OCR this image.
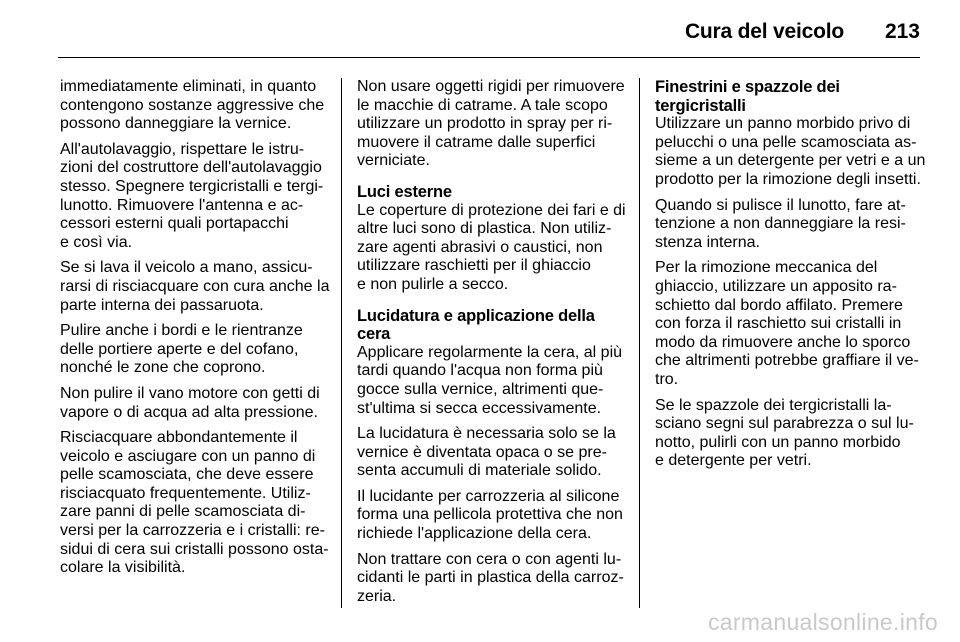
Cura del veicolo 213

immediatamente eliminati, in quanto
contengono sostanze aggressive che
possono danneggiare la vernice.

All'autolavaggio, rispettare le istru-
zioni del costruttore dell'autolavaggio
stesso. Spegnere tergicristalli e tergi-
lunotto. Rimuovere l'antenna e ac-
cessori esterni quali portapacchi
e così via.

Se si lava il veicolo a mano, assicu-
rarsi di risciacquare con cura anche la
parte interna dei passaruota.

Pulire anche i bordi e le rientranze
delle portiere aperte e del cofano,
nonché le zone che coprono.

Non pulire il vano motore con getti di
vapore o di acqua ad alta pressione.

Risciacquare abbondantemente il
veicolo e asciugare con un panno di
pelle scamosciata, che deve essere
risciacquato frequentemente. Utiliz-
zare panni di pelle scamosciata di-
versi per la carrozzeria e i cristalli: re-
sidui di cera sui cristalli possono osta-
colare la visibilità.

Non usare oggetti rigidi per rimuovere
le macchie di catrame. A tale scopo
utilizzare un prodotto in spray per ri-
muovere il catrame dalle superfici
verniciate.

Luci esterne

Le coperture di protezione dei fari e di
altre luci sono di plastica. Non utiliz-
zare agenti abrasivi o caustici, non
utilizzare raschietti per il ghiaccio
e non pulirle a secco.

Lucidatura e applicazione della
cera

Applicare regolarmente la cera, al più
tardi quando l'acqua non forma più
gocce sulla vernice, altrimenti que-
st'ultima si secca eccessivamente.

La lucidatura è necessaria solo se la
vernice è diventata opaca o se pre-
senta accumuli di materiale solido.

Il lucidante per carrozzeria al silicone
forma una pellicola protettiva che non
richiede l'applicazione della cera.

Non trattare con cera o con agenti lu-
cidanti le parti in plastica della carroz-
zeria.

Finestrini e spazzole dei
tergicristalli

Utilizzare un panno morbido privo di
pelucchi o una pelle scamosciata as-
sieme a un detergente per vetri e a un
prodotto per la rimozione degli insetti.

Quando si pulisce il lunotto, fare at-
tenzione a non danneggiare la resi-
stenza interna.

Per la rimozione meccanica del
ghiaccio, utilizzare un apposito ra-
schietto dal bordo affilato. Premere
con forza il raschietto sui cristalli in
modo da rimuovere anche lo sporco
che altrimenti potrebbe graffiare il ve-
tro.

Se le spazzole dei tergicristalli la-
sciano segni sul parabrezza o sul lu-
notto, pulirli con un panno morbido
e detergente per vetri.

carmanualsonline.info
